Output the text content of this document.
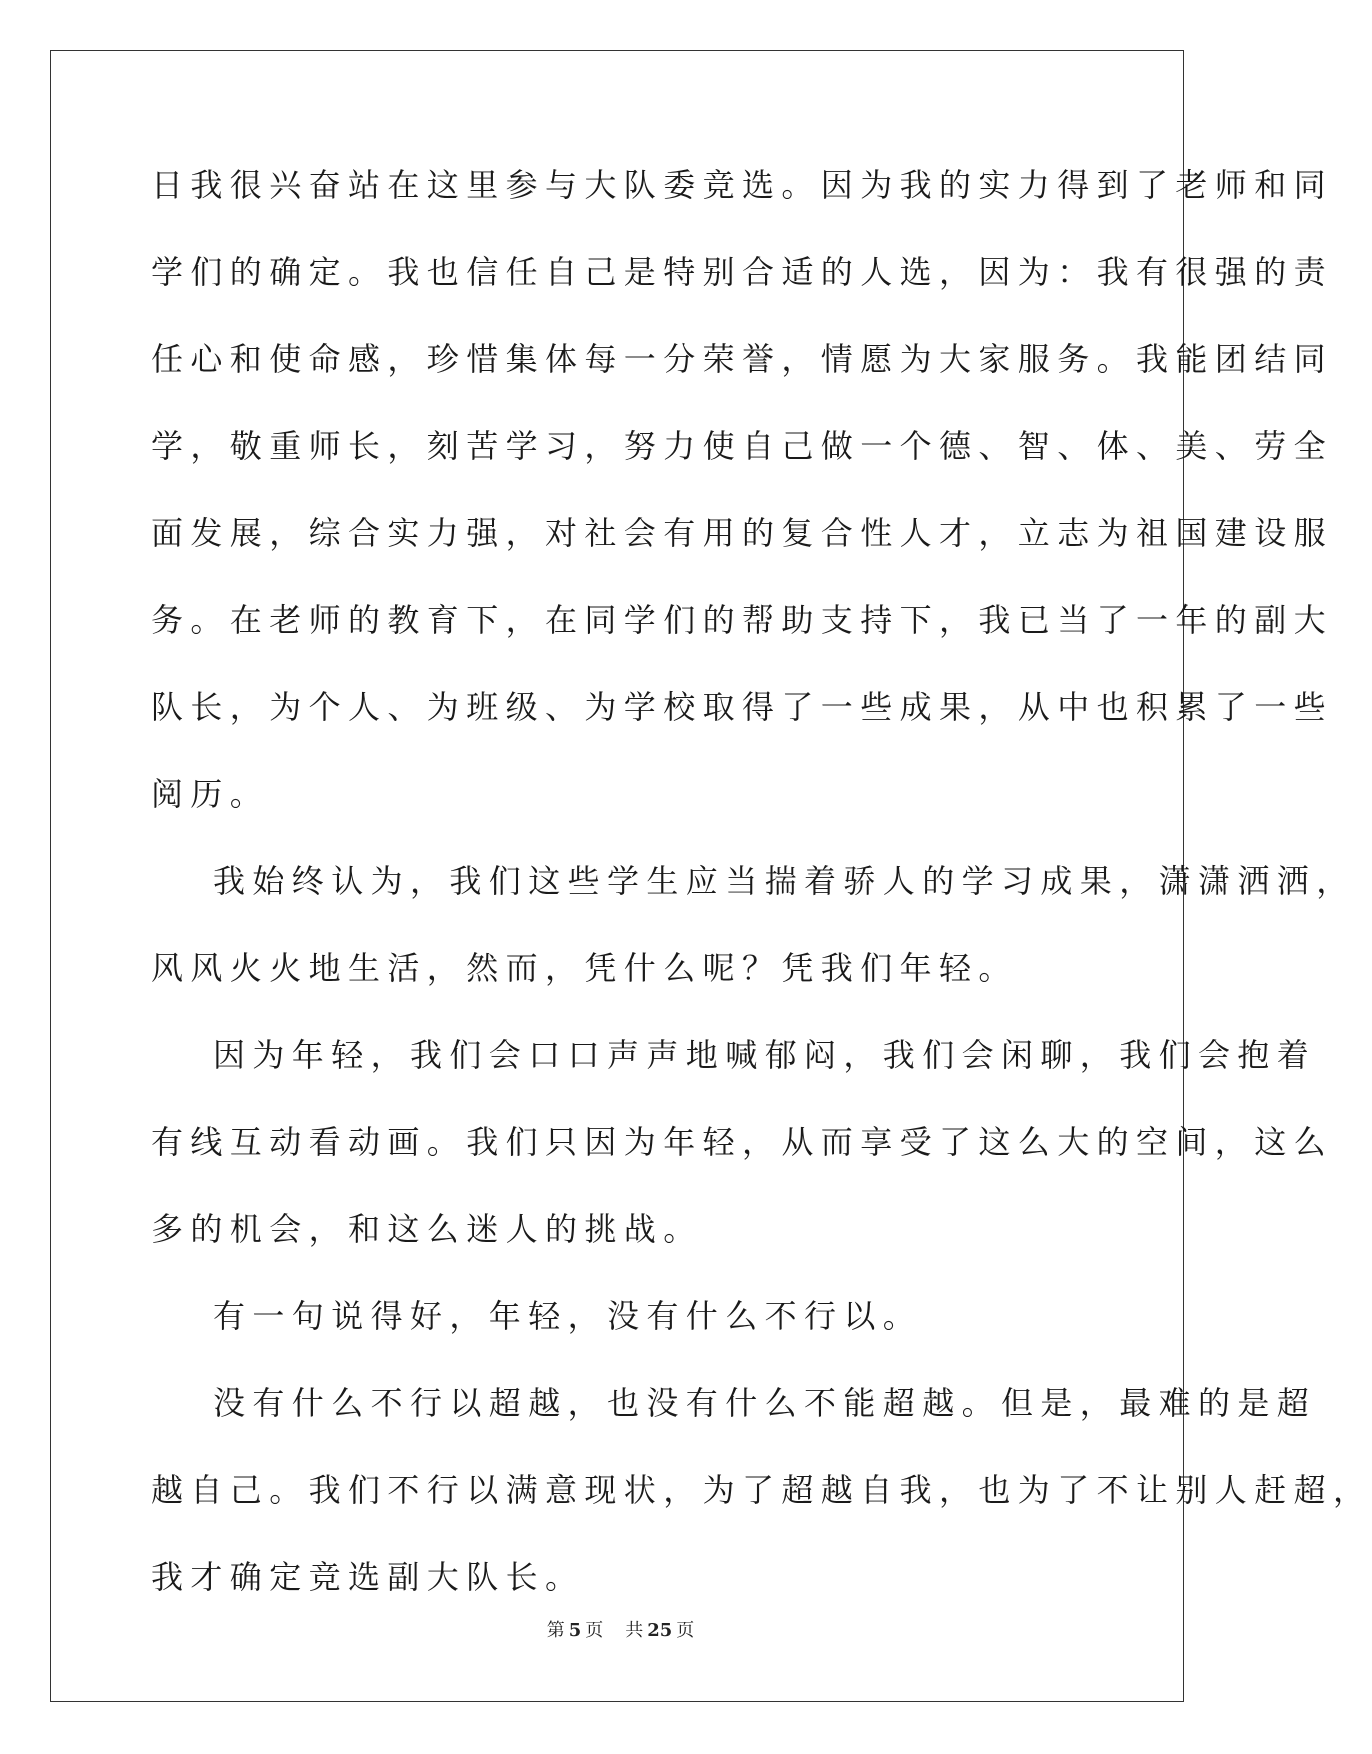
日我很兴奋站在这里参与大队委竞选。因为我的实力得到了老师和同
学们的确定。我也信任自己是特别合适的人选，因为：我有很强的责
任心和使命感，珍惜集体每一分荣誉，情愿为大家服务。我能团结同
学，敬重师长，刻苦学习，努力使自己做一个德、智、体、美、劳全
面发展，综合实力强，对社会有用的复合性人才，立志为祖国建设服
务。在老师的教育下，在同学们的帮助支持下，我已当了一年的副大
队长，为个人、为班级、为学校取得了一些成果，从中也积累了一些
阅历。
我始终认为，我们这些学生应当揣着骄人的学习成果，潇潇洒洒，
风风火火地生活，然而，凭什么呢？凭我们年轻。
因为年轻，我们会口口声声地喊郁闷，我们会闲聊，我们会抱着
有线互动看动画。我们只因为年轻，从而享受了这么大的空间，这么
多的机会，和这么迷人的挑战。
有一句说得好，年轻，没有什么不行以。
没有什么不行以超越，也没有什么不能超越。但是，最难的是超
越自己。我们不行以满意现状，为了超越自我，也为了不让别人赶超，
我才确定竞选副大队长。
第 5 页 共 25 页
